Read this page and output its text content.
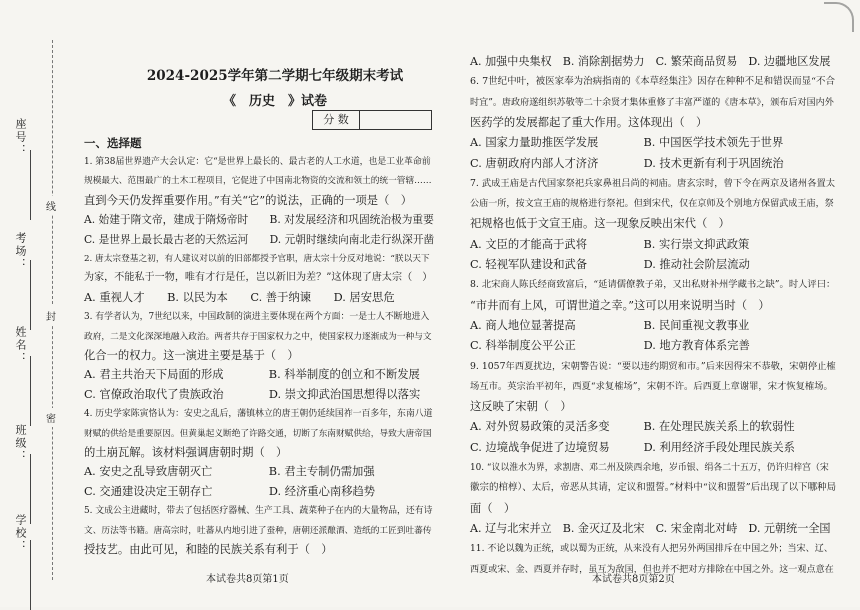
座号：
考场：
姓名：
班级：
学校：
线
封
密
2024-2025学年第二学期七年级期末考试
《　历史　》试卷
分 数
一、选择题
1. 第38届世界遗产大会认定：它“是世界上最长的、最古老的人工水道，也是工业革命前
规模最大、范围最广的土木工程项目，它促进了中国南北物资的交流和领土的统一管辖……
直到今天仍发挥重要作用。”有关“它”的说法，正确的一项是（　）
A. 始建于隋文帝，建成于隋炀帝时　　B. 对发展经济和巩固统治极为重要
C. 是世界上最长最古老的天然运河　　D. 元朝时继续向南北走行纵深开凿
2. 唐太宗登基之初，有人建议对以前的旧部都授予官职，唐太宗十分反对地说：“朕以天下
为家，不能私于一物，唯有才行是任，岂以新旧为差？”这体现了唐太宗（　）
A. 重视人才　　B. 以民为本　　C. 善于纳谏　　D. 居安思危
3. 有学者认为，7世纪以来，中国政制的演进主要体现在两个方面：一是士人不断地进入
政府，二是文化深深地融入政治。两者共存于国家权力之中，使国家权力逐渐成为一种与文
化合一的权力。这一演进主要是基于（　）
A. 君主共治天下局面的形成　　　　B. 科举制度的创立和不断发展
C. 官僚政治取代了贵族政治　　　　D. 崇文抑武治国思想得以落实
4. 历史学家陈寅恪认为：安史之乱后，藩镇林立的唐王朝仍延续国祚一百多年，东南八道
财赋的供给是重要原因。但黄巢起义断绝了许路交通，切断了东南财赋供给，导致大唐帝国
的土崩瓦解。该材料强调唐朝时期（　）
A. 安史之乱导致唐朝灭亡　　　　　B. 君主专制仍需加强
C. 交通建设决定王朝存亡　　　　　D. 经济重心南移趋势
5. 文成公主进藏时，带去了包括医疗器械、生产工具、蔬菜种子在内的大量物品，还有诗
文、历法等书籍。唐高宗时，吐蕃从内地引进了蚕种，唐朝还派酿酒、造纸的工匠到吐蕃传
授技艺。由此可见，和睦的民族关系有利于（　）
A. 加强中央集权　B. 消除割据势力　C. 繁荣商品贸易　D. 边疆地区发展
6. 7世纪中叶，被医家奉为治病指南的《本草经集注》因存在种种不足和错误而显“不合
时宜”。唐政府遂组织苏敬等二十余贤才集体重修了丰富严谨的《唐本草》，颁布后对国内外
医药学的发展都起了重大作用。这体现出（　）
A. 国家力量助推医学发展　　　　B. 中国医学技术领先于世界
C. 唐朝政府内部人才济济　　　　D. 技术更新有利于巩固统治
7. 武成王庙是古代国家祭祀兵家鼻祖吕尚的祠庙。唐玄宗时，曾下令在两京及诸州各置太
公庙一所，按文宣王庙的规格进行祭祀。但到宋代，仅在京师及个别地方保留武成王庙，祭
祀规格也低于文宣王庙。这一现象反映出宋代（　）
A. 文臣的才能高于武将　　　　　B. 实行崇文抑武政策
C. 轻视军队建设和武备　　　　　D. 推动社会阶层流动
8. 北宋商人陈氏经商致富后，“延请儒僚教子弟，又出私财补州学藏书之缺”。时人评曰：
“市井而有上风，可谓世道之幸。”这可以用来说明当时（　）
A. 商人地位显著提高　　　　　　B. 民间重视文教事业
C. 科举制度公平公正　　　　　　D. 地方教育体系完善
9. 1057年西夏扰边，宋朝警告说：“要以违约期贸和市。”后来因得宋不恭敬，宋朝停止榷
场互市。英宗治平初年，西夏“求复榷场”，宋朝不许。后西夏上章谢罪，宋才恢复榷场。
这反映了宋朝（　）
A. 对外贸易政策的灵活多变　　　B. 在处理民族关系上的软弱性
C. 边境战争促进了边境贸易　　　D. 利用经济手段处理民族关系
10. “议以淮水为界，求割唐、邓二州及陕西余地，岁币银、绢各二十五万，仍许归梓宫（宋
徽宗的棺椁）、太后，帝恶从其请，定议和盟誓。”材料中“议和盟誓”后出现了以下哪种局
面（　）
A. 辽与北宋并立　B. 金灭辽及北宋　C. 宋金南北对峙　D. 元朝统一全国
11. 不论以魏为正统，或以蜀为正统，从来没有人把另外两国排斥在中国之外；当宋、辽、
西夏或宋、金、西夏并存时，虽互为敌国，但也并不把对方排除在中国之外。这一观点意在
本试卷共8页第1页	本试卷共8页第2页
